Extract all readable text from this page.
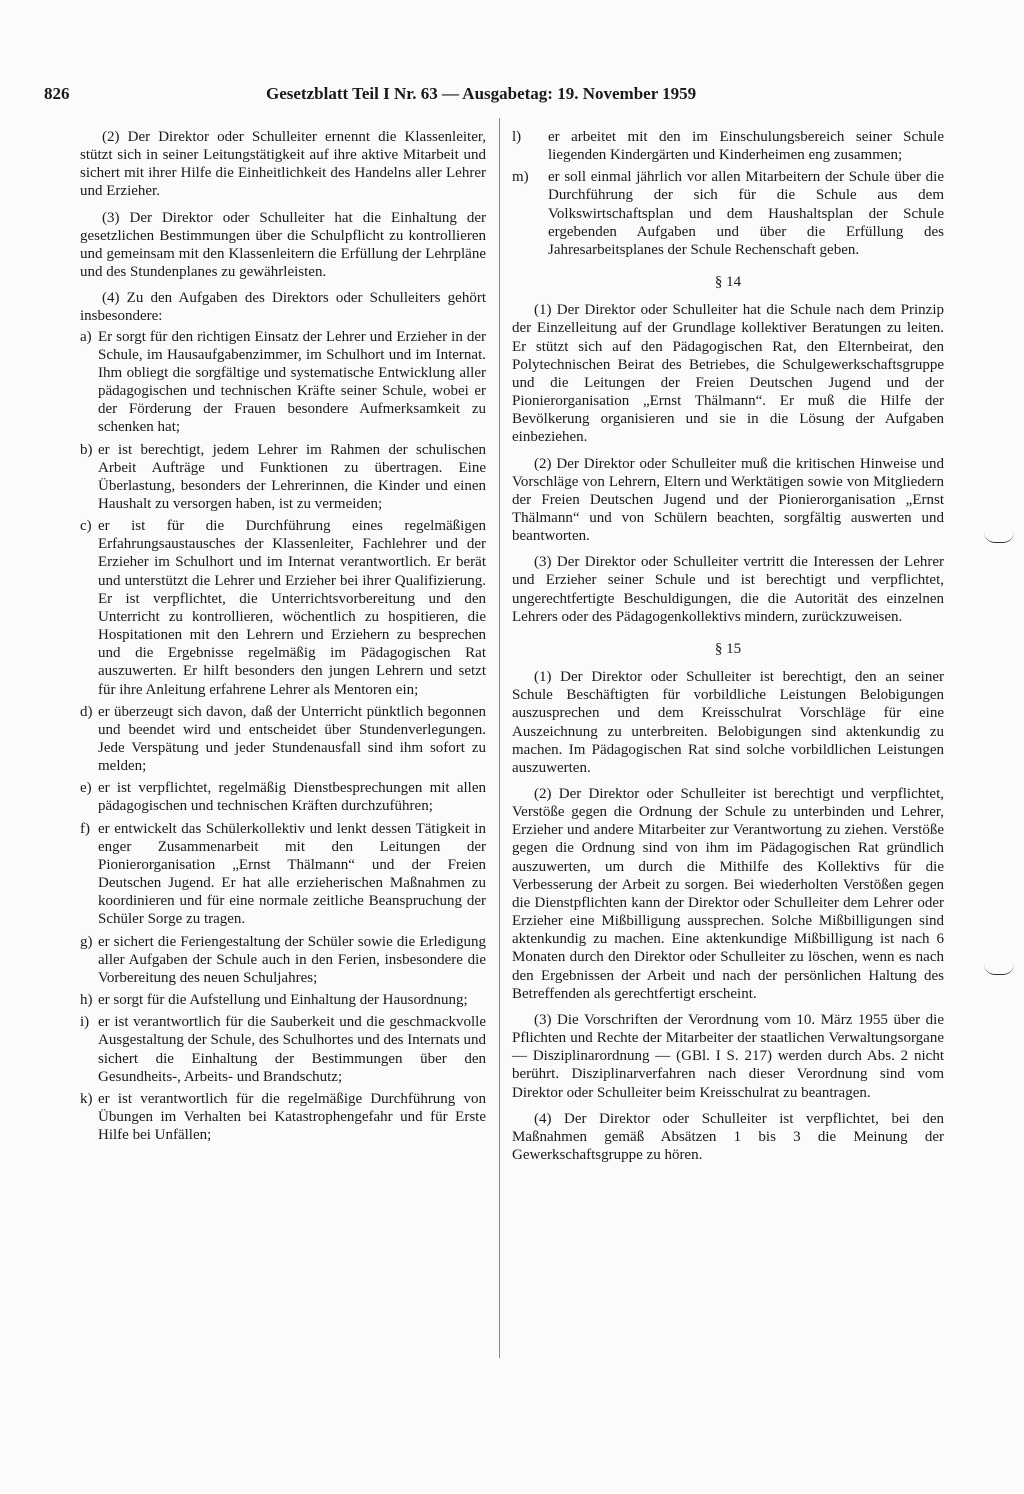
826	Gesetzblatt Teil I Nr. 63 — Ausgabetag: 19. November 1959

(2) Der Direktor oder Schulleiter ernennt die Klassenleiter, stützt sich in seiner Leitungstätigkeit auf ihre aktive Mitarbeit und sichert mit ihrer Hilfe die Einheitlichkeit des Handelns aller Lehrer und Erzieher.

(3) Der Direktor oder Schulleiter hat die Einhaltung der gesetzlichen Bestimmungen über die Schulpflicht zu kontrollieren und gemeinsam mit den Klassenleitern die Erfüllung der Lehrpläne und des Stundenplanes zu gewährleisten.

(4) Zu den Aufgaben des Direktors oder Schulleiters gehört insbesondere:

a) Er sorgt für den richtigen Einsatz der Lehrer und Erzieher in der Schule, im Hausaufgabenzimmer, im Schulhort und im Internat. Ihm obliegt die sorgfältige und systematische Entwicklung aller pädagogischen und technischen Kräfte seiner Schule, wobei er der Förderung der Frauen besondere Aufmerksamkeit zu schenken hat;
b) er ist berechtigt, jedem Lehrer im Rahmen der schulischen Arbeit Aufträge und Funktionen zu übertragen. Eine Überlastung, besonders der Lehrerinnen, die Kinder und einen Haushalt zu versorgen haben, ist zu vermeiden;
c) er ist für die Durchführung eines regelmäßigen Erfahrungsaustausches der Klassenleiter, Fachlehrer und der Erzieher im Schulhort und im Internat verantwortlich. Er berät und unterstützt die Lehrer und Erzieher bei ihrer Qualifizierung. Er ist verpflichtet, die Unterrichtsvorbereitung und den Unterricht zu kontrollieren, wöchentlich zu hospitieren, die Hospitationen mit den Lehrern und Erziehern zu besprechen und die Ergebnisse regelmäßig im Pädagogischen Rat auszuwerten. Er hilft besonders den jungen Lehrern und setzt für ihre Anleitung erfahrene Lehrer als Mentoren ein;
d) er überzeugt sich davon, daß der Unterricht pünktlich begonnen und beendet wird und entscheidet über Stundenverlegungen. Jede Verspätung und jeder Stundenausfall sind ihm sofort zu melden;
e) er ist verpflichtet, regelmäßig Dienstbesprechungen mit allen pädagogischen und technischen Kräften durchzuführen;
f) er entwickelt das Schülerkollektiv und lenkt dessen Tätigkeit in enger Zusammenarbeit mit den Leitungen der Pionierorganisation „Ernst Thälmann“ und der Freien Deutschen Jugend. Er hat alle erzieherischen Maßnahmen zu koordinieren und für eine normale zeitliche Beanspruchung der Schüler Sorge zu tragen.
g) er sichert die Feriengestaltung der Schüler sowie die Erledigung aller Aufgaben der Schule auch in den Ferien, insbesondere die Vorbereitung des neuen Schuljahres;
h) er sorgt für die Aufstellung und Einhaltung der Hausordnung;
i) er ist verantwortlich für die Sauberkeit und die geschmackvolle Ausgestaltung der Schule, des Schulhortes und des Internats und sichert die Einhaltung der Bestimmungen über den Gesundheits-, Arbeits- und Brandschutz;
k) er ist verantwortlich für die regelmäßige Durchführung von Übungen im Verhalten bei Katastrophengefahr und für Erste Hilfe bei Unfällen;
l) er arbeitet mit den im Einschulungsbereich seiner Schule liegenden Kindergärten und Kinderheimen eng zusammen;
m) er soll einmal jährlich vor allen Mitarbeitern der Schule über die Durchführung der sich für die Schule aus dem Volkswirtschaftsplan und dem Haushaltsplan der Schule ergebenden Aufgaben und über die Erfüllung des Jahresarbeitsplanes der Schule Rechenschaft geben.
§ 14

(1) Der Direktor oder Schulleiter hat die Schule nach dem Prinzip der Einzelleitung auf der Grundlage kollektiver Beratungen zu leiten. Er stützt sich auf den Pädagogischen Rat, den Elternbeirat, den Polytechnischen Beirat des Betriebes, die Schulgewerkschaftsgruppe und die Leitungen der Freien Deutschen Jugend und der Pionierorganisation „Ernst Thälmann“. Er muß die Hilfe der Bevölkerung organisieren und sie in die Lösung der Aufgaben einbeziehen.

(2) Der Direktor oder Schulleiter muß die kritischen Hinweise und Vorschläge von Lehrern, Eltern und Werktätigen sowie von Mitgliedern der Freien Deutschen Jugend und der Pionierorganisation „Ernst Thälmann“ und von Schülern beachten, sorgfältig auswerten und beantworten.

(3) Der Direktor oder Schulleiter vertritt die Interessen der Lehrer und Erzieher seiner Schule und ist berechtigt und verpflichtet, ungerechtfertigte Beschuldigungen, die die Autorität des einzelnen Lehrers oder des Pädagogenkollektivs mindern, zurückzuweisen.

§ 15

(1) Der Direktor oder Schulleiter ist berechtigt, den an seiner Schule Beschäftigten für vorbildliche Leistungen Belobigungen auszusprechen und dem Kreisschulrat Vorschläge für eine Auszeichnung zu unterbreiten. Belobigungen sind aktenkundig zu machen. Im Pädagogischen Rat sind solche vorbildlichen Leistungen auszuwerten.

(2) Der Direktor oder Schulleiter ist berechtigt und verpflichtet, Verstöße gegen die Ordnung der Schule zu unterbinden und Lehrer, Erzieher und andere Mitarbeiter zur Verantwortung zu ziehen. Verstöße gegen die Ordnung sind von ihm im Pädagogischen Rat gründlich auszuwerten, um durch die Mithilfe des Kollektivs für die Verbesserung der Arbeit zu sorgen. Bei wiederholten Verstößen gegen die Dienstpflichten kann der Direktor oder Schulleiter dem Lehrer oder Erzieher eine Mißbilligung aussprechen. Solche Mißbilligungen sind aktenkundig zu machen. Eine aktenkundige Mißbilligung ist nach 6 Monaten durch den Direktor oder Schulleiter zu löschen, wenn es nach den Ergebnissen der Arbeit und nach der persönlichen Haltung des Betreffenden als gerechtfertigt erscheint.

(3) Die Vorschriften der Verordnung vom 10. März 1955 über die Pflichten und Rechte der Mitarbeiter der staatlichen Verwaltungsorgane — Disziplinarordnung — (GBl. I S. 217) werden durch Abs. 2 nicht berührt. Disziplinarverfahren nach dieser Verordnung sind vom Direktor oder Schulleiter beim Kreisschulrat zu beantragen.

(4) Der Direktor oder Schulleiter ist verpflichtet, bei den Maßnahmen gemäß Absätzen 1 bis 3 die Meinung der Gewerkschaftsgruppe zu hören.
